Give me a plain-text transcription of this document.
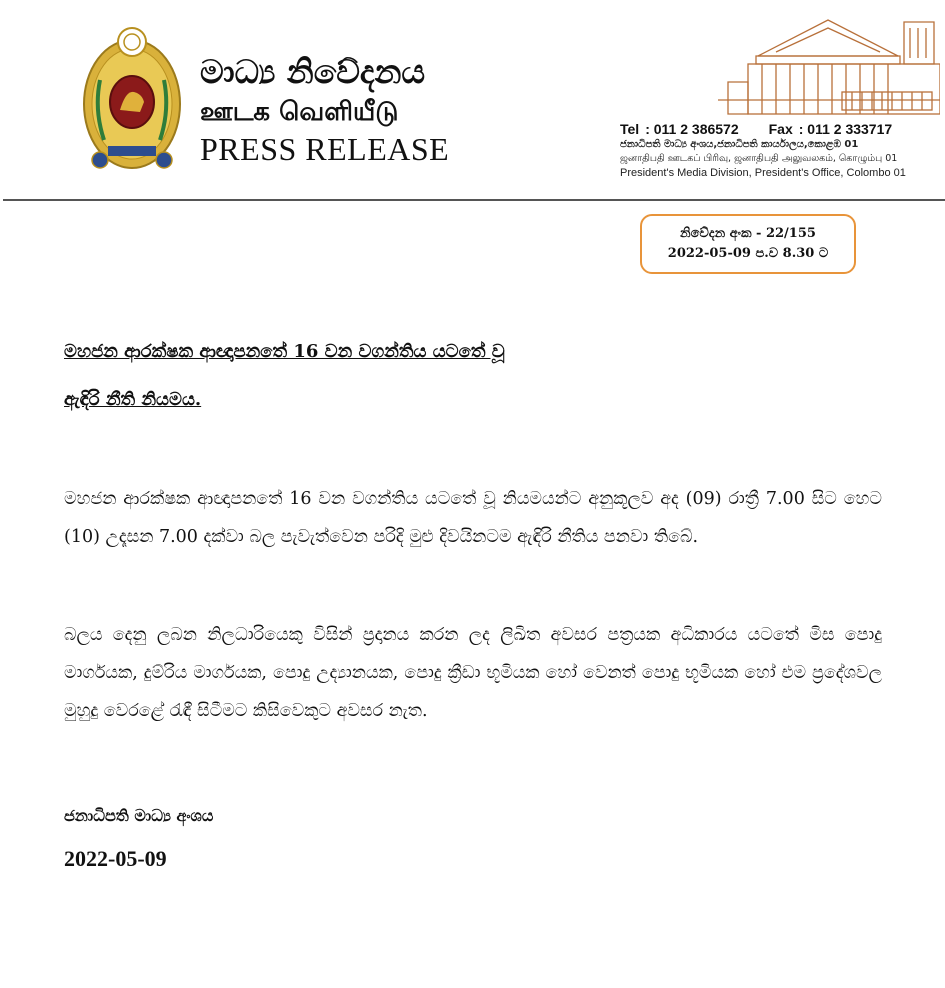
මාධ්‍ය නිවේදනය
ஊடக வெளியீடு
PRESS RELEASE
Tel : 011 2 386572 Fax : 011 2 333717
ජනාධිපති මාධ්‍ය අංශය,ජනාධිපති කාර්යාලය,කොළඹ 01
ஜனாதிபதி ஊடகப் பிரிவு, ஜனாதிபதி அலுவலகம், கொழும்பு 01
President's Media Division, President's Office, Colombo 01
නිවේදන අංක - 22/155
2022-05-09 ප.ව 8.30 ට
මහජන ආරක්ෂක ආඥාපනතේ 16 වන වගන්තිය යටතේ වූ
ඇඳිරි නීති නියමය.
මහජන ආරක්ෂක ආඥාපනතේ 16 වන වගන්තිය යටතේ වූ නියමයන්ට අනුකූලව අද (09) රාත්‍රී 7.00 සිට හෙට (10) උදෑසන 7.00 දක්වා බල පැවැත්වෙන පරිදි මුළු දිවයිනටම ඇඳිරි නීතිය පනවා තිබේ.
බලය දෙනු ලබන නිලධාරියෙකු විසින් ප්‍රදානය කරන ලද ලිඛිත අවසර පත්‍රයක අධිකාරය යටතේ මිස පොදු මාර්ගයක, දුම්රිය මාර්ගයක, පොදු උද්‍යානයක, පොදු ක්‍රීඩා භූමියක හෝ වෙනත් පොදු භූමියක හෝ එම ප්‍රදේශවල මුහුදු වෙරළේ රැඳී සිටීමට කිසිවෙකුට අවසර නැත.
ජනාධිපති මාධ්‍ය අංශය
2022-05-09
